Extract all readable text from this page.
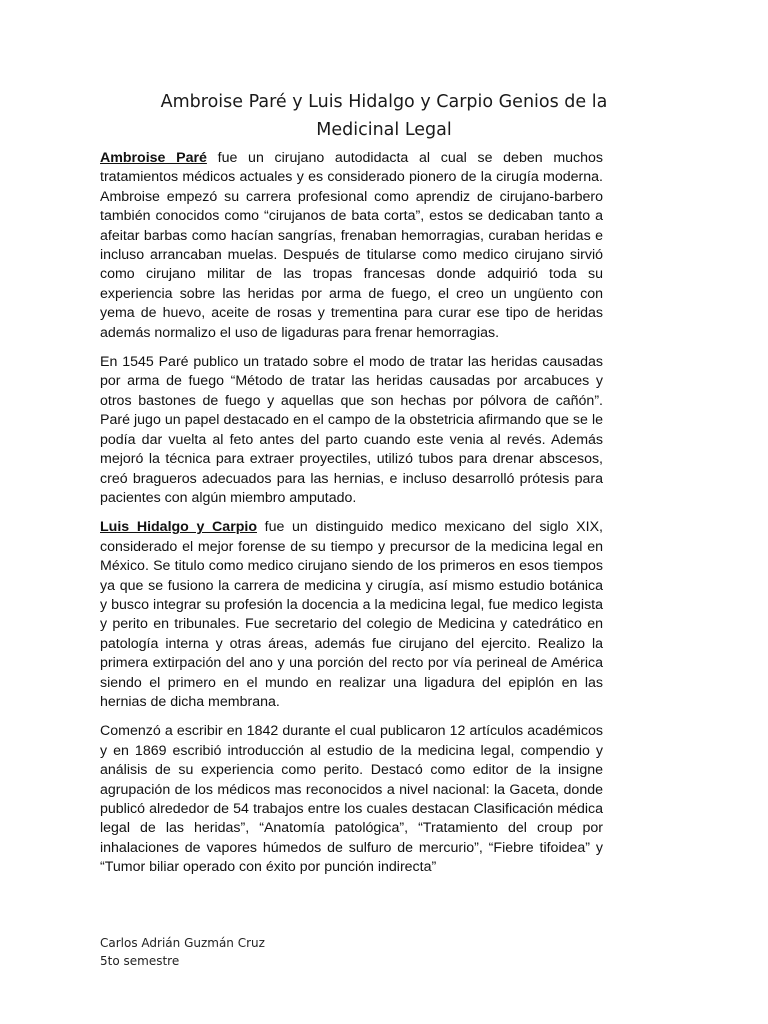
Ambroise Paré y Luis Hidalgo y Carpio Genios de la
Medicinal Legal

Ambroise Paré fue un cirujano autodidacta al cual se deben muchos tratamientos médicos actuales y es considerado pionero de la cirugía moderna. Ambroise empezó su carrera profesional como aprendiz de cirujano-barbero también conocidos como “cirujanos de bata corta”, estos se dedicaban tanto a afeitar barbas como hacían sangrías, frenaban hemorragias, curaban heridas e incluso arrancaban muelas. Después de titularse como medico cirujano sirvió como cirujano militar de las tropas francesas donde adquirió toda su experiencia sobre las heridas por arma de fuego, el creo un ungüento con yema de huevo, aceite de rosas y trementina para curar ese tipo de heridas además normalizo el uso de ligaduras para frenar hemorragias.

En 1545 Paré publico un tratado sobre el modo de tratar las heridas causadas por arma de fuego “Método de tratar las heridas causadas por arcabuces y otros bastones de fuego y aquellas que son hechas por pólvora de cañón”. Paré jugo un papel destacado en el campo de la obstetricia afirmando que se le podía dar vuelta al feto antes del parto cuando este venia al revés. Además mejoró la técnica para extraer proyectiles, utilizó tubos para drenar abscesos, creó bragueros adecuados para las hernias, e incluso desarrolló prótesis para pacientes con algún miembro amputado.

Luis Hidalgo y Carpio fue un distinguido medico mexicano del siglo XIX, considerado el mejor forense de su tiempo y precursor de la medicina legal en México. Se titulo como medico cirujano siendo de los primeros en esos tiempos ya que se fusiono la carrera de medicina y cirugía, así mismo estudio botánica y busco integrar su profesión la docencia a la medicina legal, fue medico legista y perito en tribunales. Fue secretario del colegio de Medicina y catedrático en patología interna y otras áreas, además fue cirujano del ejercito. Realizo la primera extirpación del ano y una porción del recto por vía perineal de América siendo el primero en el mundo en realizar una ligadura del epiplón en las hernias de dicha membrana.

Comenzó a escribir en 1842 durante el cual publicaron 12 artículos académicos y en 1869 escribió introducción al estudio de la medicina legal, compendio y análisis de su experiencia como perito. Destacó como editor de la insigne agrupación de los médicos mas reconocidos a nivel nacional: la Gaceta, donde publicó alrededor de 54 trabajos entre los cuales destacan Clasificación médica legal de las heridas”, “Anatomía patológica”, “Tratamiento del croup por inhalaciones de vapores húmedos de sulfuro de mercurio”, “Fiebre tifoidea” y “Tumor biliar operado con éxito por punción indirecta”

Carlos Adrián Guzmán Cruz
5to semestre
